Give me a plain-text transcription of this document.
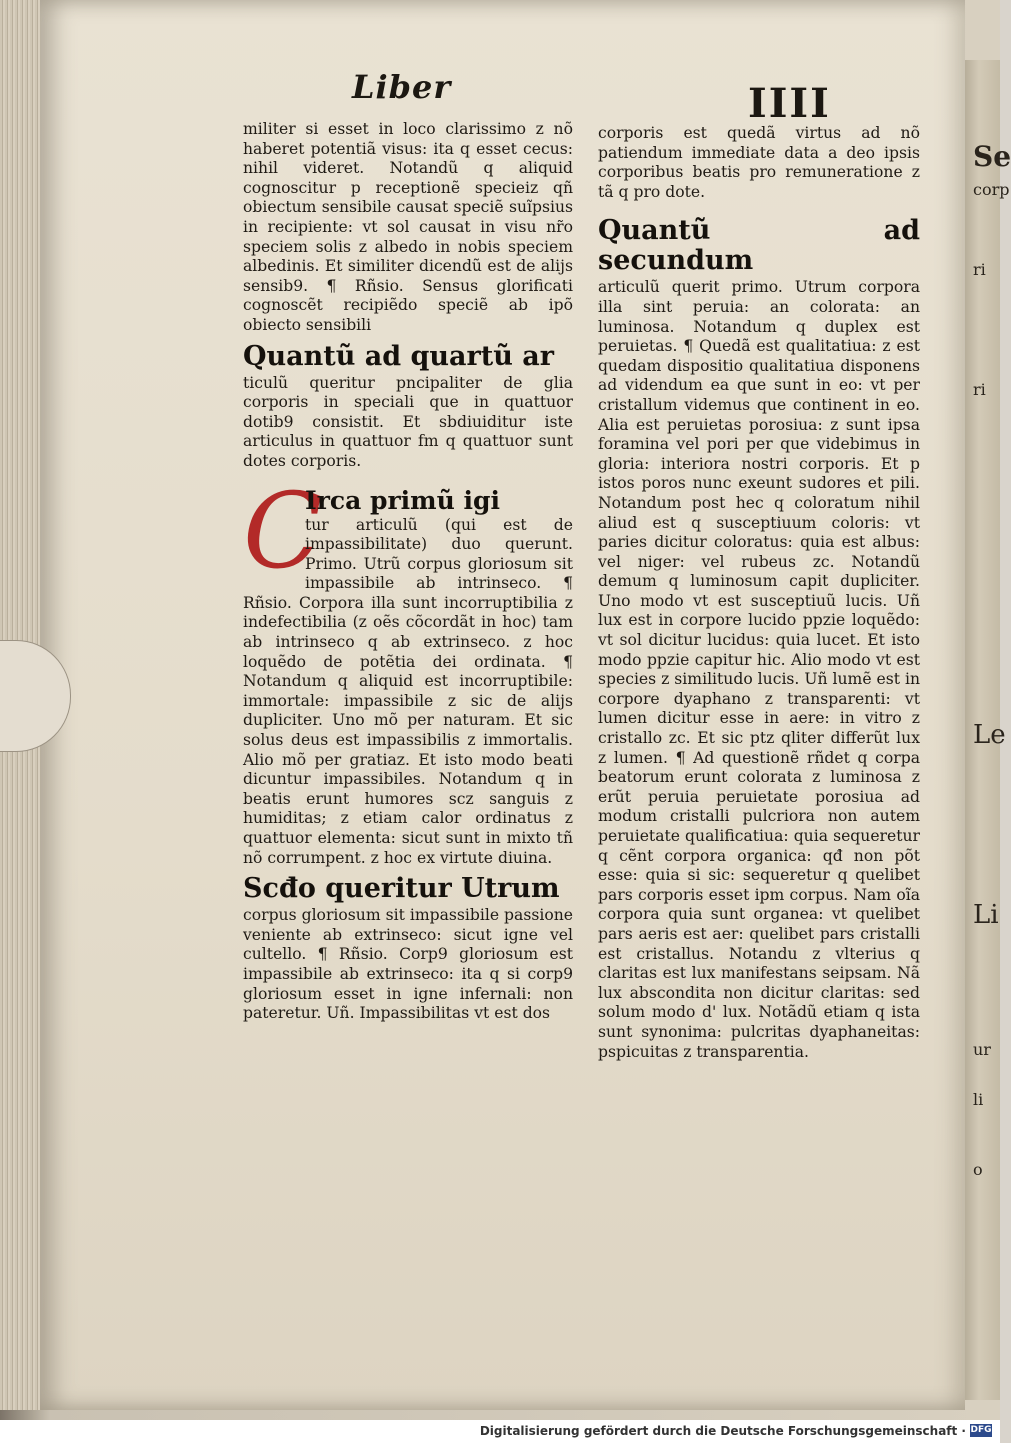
Se
corp
ri
ri
Le
Li
ur
li
o
Liber	IIII

militer si esset in loco clarissimo z nõ haberet potentiã visus: ita q esset cecus: nihil videret. Notandũ q aliquid cognoscitur p receptionẽ specieiz qñ obiectum sensibile causat speciẽ suĩpsius in recipiente: vt sol causat in visu nr̃o speciem solis z albedo in nobis speciem albedinis. Et similiter dicendũ est de alijs sensib9. ¶ Rñsio. Sensus glorificati cognoscẽt recipiẽdo speciẽ ab ipõ obiecto sensibili

Quantũ ad quartũ ar

ticulũ queritur pncipaliter de glia corporis in speciali que in quattuor dotib9 consistit. Et sbdiuiditur iste articulus in quattuor fm q quattuor sunt dotes corporis.

C

Irca primũ igi

tur articulũ (qui est de impassibilitate) duo querunt. Primo. Utrũ corpus gloriosum sit impassibile ab intrinseco. ¶ Rñsio. Corpora illa sunt incorruptibilia z indefectibilia (z oẽs cõcordãt in hoc) tam ab intrinseco q ab extrinseco. z hoc loquẽdo de potẽtia dei ordinata. ¶ Notandum q aliquid est incorruptibile: immortale: impassibile z sic de alijs dupliciter. Uno mõ per naturam. Et sic solus deus est impassibilis z immortalis. Alio mõ per gratiaz. Et isto modo beati dicuntur impassibiles. Notandum q in beatis erunt humores scz sanguis z humiditas; z etiam calor ordinatus z quattuor elementa: sicut sunt in mixto tñ nõ corrumpent. z hoc ex virtute diuina.

Scđo queritur Utrum

corpus gloriosum sit impassibile passione veniente ab extrinseco: sicut igne vel cultello. ¶ Rñsio. Corp9 gloriosum est impassibile ab extrinseco: ita q si corp9 gloriosum esset in igne infernali: non pateretur. Uñ. Impassibilitas vt est dos

corporis est quedã virtus ad nõ patiendum immediate data a deo ipsis corporibus beatis pro remuneratione z tã q pro dote.

Quantũ ad secundum

articulũ querit primo. Utrum corpora illa sint peruia: an colorata: an luminosa. Notandum q duplex est peruietas. ¶ Quedã est qualitatiua: z est quedam dispositio qualitatiua disponens ad videndum ea que sunt in eo: vt per cristallum videmus que continent in eo. Alia est peruietas porosiua: z sunt ipsa foramina vel pori per que videbimus in gloria: interiora nostri corporis. Et p istos poros nunc exeunt sudores et pili. Notandum post hec q coloratum nihil aliud est q susceptiuum coloris: vt paries dicitur coloratus: quia est albus: vel niger: vel rubeus zc. Notandũ demum q luminosum capit dupliciter. Uno modo vt est susceptiuũ lucis. Uñ lux est in corpore lucido ppzie loquẽdo: vt sol dicitur lucidus: quia lucet. Et isto modo ppzie capitur hic. Alio modo vt est species z similitudo lucis. Uñ lumẽ est in corpore dyaphano z transparenti: vt lumen dicitur esse in aere: in vitro z cristallo zc. Et sic ptz qliter differũt lux z lumen. ¶ Ad questionẽ rñdet q corpa beatorum erunt colorata z luminosa z erũt peruia peruietate porosiua ad modum cristalli pulcriora non autem peruietate qualificatiua: quia sequeretur q cẽnt corpora organica: qđ non põt esse: quia si sic: sequeretur q quelibet pars corporis esset ipm corpus. Nam oĩa corpora quia sunt organea: vt quelibet pars aeris est aer: quelibet pars cristalli est cristallus. Notandu z vlterius q claritas est lux manifestans seipsam. Nã lux abscondita non dicitur claritas: sed solum modo d' lux. Notãdũ etiam q ista sunt synonima: pulcritas dyaphaneitas: pspicuitas z transparentia.

Digitalisierung gefördert durch die Deutsche Forschungsgemeinschaft · DFG
